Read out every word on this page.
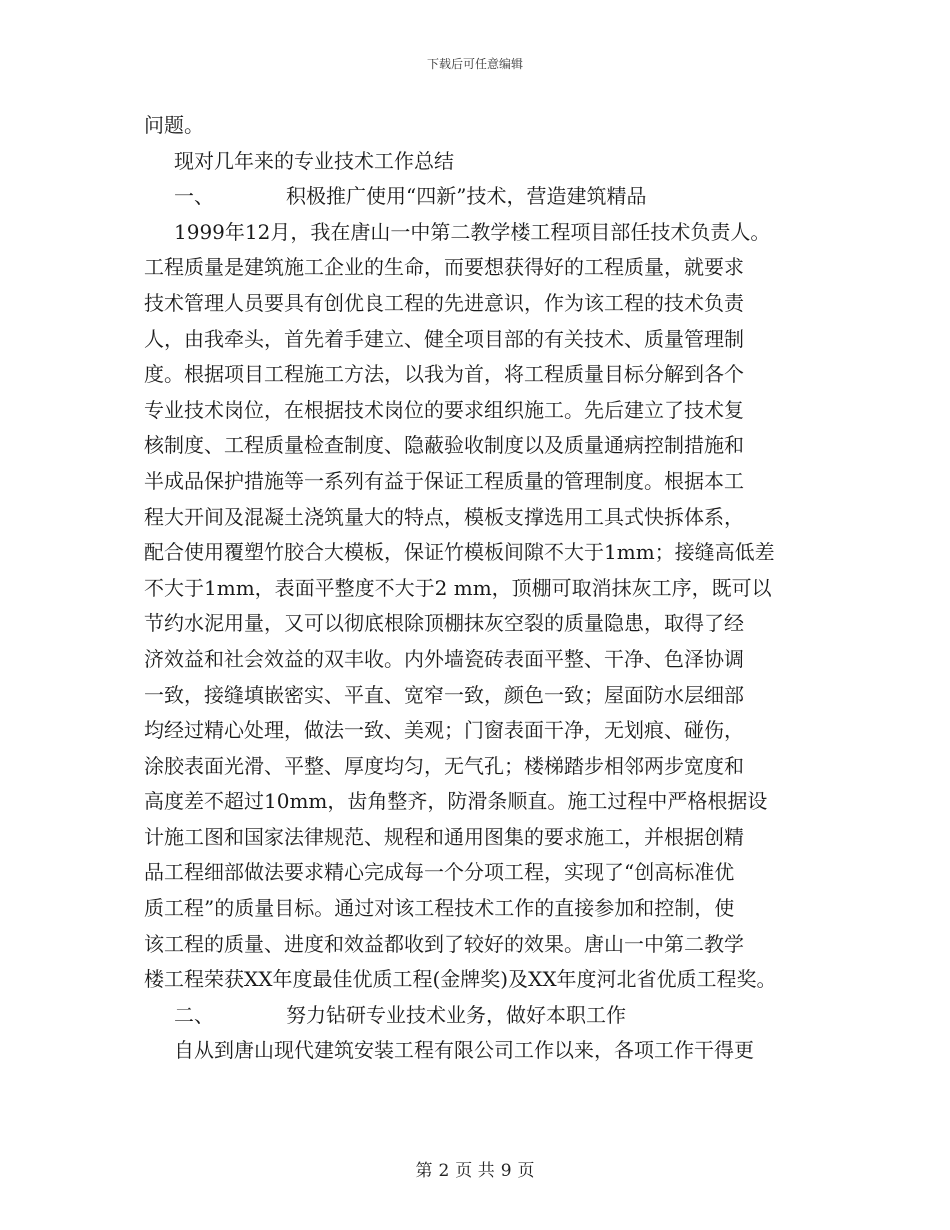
下载后可任意编辑
问题。
现对几年来的专业技术工作总结
一、	积极推广使用“四新”技术，营造建筑精品
1999年12月，我在唐山一中第二教学楼工程项目部任技术负责人。
工程质量是建筑施工企业的生命，而要想获得好的工程质量，就要求
技术管理人员要具有创优良工程的先进意识，作为该工程的技术负责
人，由我牵头，首先着手建立、健全项目部的有关技术、质量管理制
度。根据项目工程施工方法，以我为首，将工程质量目标分解到各个
专业技术岗位，在根据技术岗位的要求组织施工。先后建立了技术复
核制度、工程质量检查制度、隐蔽验收制度以及质量通病控制措施和
半成品保护措施等一系列有益于保证工程质量的管理制度。根据本工
程大开间及混凝土浇筑量大的特点，模板支撑选用工具式快拆体系，
配合使用覆塑竹胶合大模板，保证竹模板间隙不大于1mm；接缝高低差
不大于1mm，表面平整度不大于2 mm，顶棚可取消抹灰工序，既可以
节约水泥用量，又可以彻底根除顶棚抹灰空裂的质量隐患，取得了经
济效益和社会效益的双丰收。内外墙瓷砖表面平整、干净、色泽协调
一致，接缝填嵌密实、平直、宽窄一致，颜色一致；屋面防水层细部
均经过精心处理，做法一致、美观；门窗表面干净，无划痕、碰伤，
涂胶表面光滑、平整、厚度均匀，无气孔；楼梯踏步相邻两步宽度和
高度差不超过10mm，齿角整齐，防滑条顺直。施工过程中严格根据设
计施工图和国家法律规范、规程和通用图集的要求施工，并根据创精
品工程细部做法要求精心完成每一个分项工程，实现了“创高标准优
质工程”的质量目标。通过对该工程技术工作的直接参加和控制，使
该工程的质量、进度和效益都收到了较好的效果。唐山一中第二教学
楼工程荣获XX年度最佳优质工程(金牌奖)及XX年度河北省优质工程奖。
二、	努力钻研专业技术业务，做好本职工作
自从到唐山现代建筑安装工程有限公司工作以来，各项工作干得更
第 2 页 共 9 页
